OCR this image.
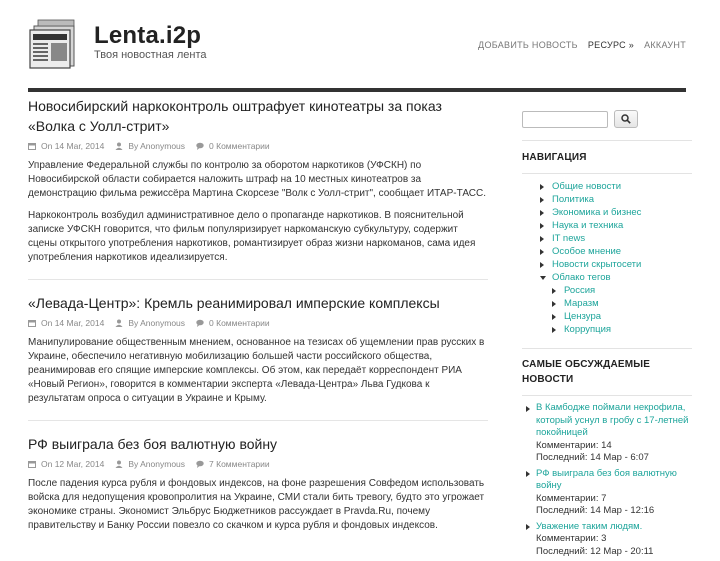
Lenta.i2p
Твоя новостная лента
ДОБАВИТЬ НОВОСТЬ РЕСУРС » АККАУНТ
Новосибирский наркоконтроль оштрафует кинотеатры за показ «Волка с Уолл-стрит»
On 14 Mar, 2014	By Anonymous	0 Комментарии

Управление Федеральной службы по контролю за оборотом наркотиков (УФСКН) по Новосибирской области собирается наложить штраф на 10 местных кинотеатров за демонстрацию фильма режиссёра Мартина Скорсезе "Волк с Уолл-стрит", сообщает ИТАР-ТАСС.

Наркоконтроль возбудил административное дело о пропаганде наркотиков. В пояснительной записке УФСКН говорится, что фильм популяризирует наркоманскую субкультуру, содержит сцены открытого употребления наркотиков, романтизирует образ жизни наркоманов, сама идея употребления наркотиков идеализируется.

«Левада-Центр»: Кремль реанимировал имперские комплексы
On 14 Mar, 2014	By Anonymous	0 Комментарии

Манипулирование общественным мнением, основанное на тезисах об ущемлении прав русских в Украине, обеспечило негативную мобилизацию большей части российского общества, реанимировав его спящие имперские комплексы. Об этом, как передаёт корреспондент РИА «Новый Регион», говорится в комментарии эксперта «Левада-Центра» Льва Гудкова к результатам опроса о ситуации в Украине и Крыму.

РФ выиграла без боя валютную войну
On 12 Mar, 2014	By Anonymous	7 Комментарии

После падения курса рубля и фондовых индексов, на фоне разрешения Совфедом использовать войска для недопущения кровопролития на Украине, СМИ стали бить тревогу, будто это угрожает экономике страны. Экономист Эльбрус Бюджетников рассуждает в Pravda.Ru, почему правительству и Банку России повезло со скачком и курса рубля и фондовых индексов.

НАВИГАЦИЯ
Общие новости
Политика
Экономика и бизнес
Наука и техника
IT news
Особое мнение
Новости скрытосети
Облако тегов
Россия
Маразм
Цензура
Коррупция
САМЫЕ ОБСУЖДАЕМЫЕ НОВОСТИ
В Камбодже поймали некрофила, который уснул в гробу с 17-летней покойницей
Комментарии: 14
Последний: 14 Мар - 6:07
РФ выиграла без боя валютную войну
Комментарии: 7
Последний: 14 Мар - 12:16
Уважение таким людям.
Комментарии: 3
Последний: 12 Мар - 20:11
